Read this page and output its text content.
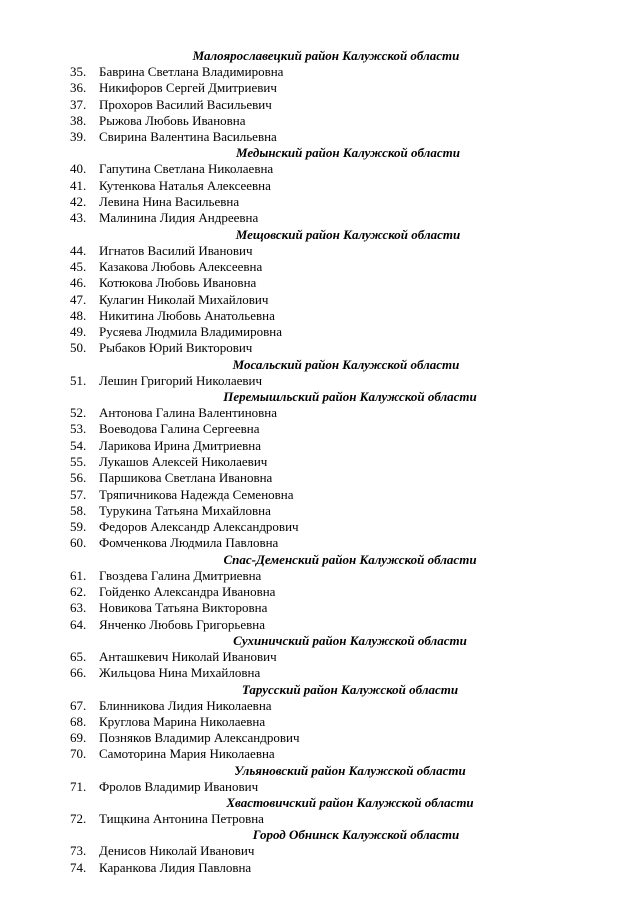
Малоярославецкий район Калужской области
35. Баврина Светлана Владимировна
36. Никифоров Сергей Дмитриевич
37. Прохоров Василий Васильевич
38. Рыжова Любовь Ивановна
39. Свирина Валентина Васильевна
Медынский район Калужской области
40. Гапутина Светлана Николаевна
41. Кутенкова Наталья Алексеевна
42. Левина Нина Васильевна
43. Малинина Лидия Андреевна
Мещовский район Калужской области
44. Игнатов Василий Иванович
45. Казакова Любовь Алексеевна
46. Котюкова Любовь Ивановна
47. Кулагин Николай Михайлович
48. Никитина Любовь Анатольевна
49. Русяева Людмила Владимировна
50. Рыбаков Юрий Викторович
Мосальский район Калужской области
51. Лешин Григорий Николаевич
Перемышльский район Калужской области
52. Антонова Галина Валентиновна
53. Воеводова Галина Сергеевна
54. Ларикова Ирина Дмитриевна
55. Лукашов Алексей Николаевич
56. Паршикова Светлана Ивановна
57. Тряпичникова Надежда Семеновна
58. Турукина Татьяна Михайловна
59. Федоров Александр Александрович
60. Фомченкова Людмила Павловна
Спас-Деменский район Калужской области
61. Гвоздева Галина Дмитриевна
62. Гойденко Александра Ивановна
63. Новикова Татьяна Викторовна
64. Янченко Любовь Григорьевна
Сухиничский район Калужской области
65. Анташкевич Николай Иванович
66. Жильцова Нина Михайловна
Тарусский район Калужской области
67. Блинникова Лидия Николаевна
68. Круглова Марина Николаевна
69. Позняков Владимир Александрович
70. Самоторина Мария Николаевна
Ульяновский район Калужской области
71. Фролов Владимир Иванович
Хвастовичский район Калужской области
72. Тищкина Антонина Петровна
Город Обнинск Калужской области
73. Денисов Николай Иванович
74. Каранкова Лидия Павловна
